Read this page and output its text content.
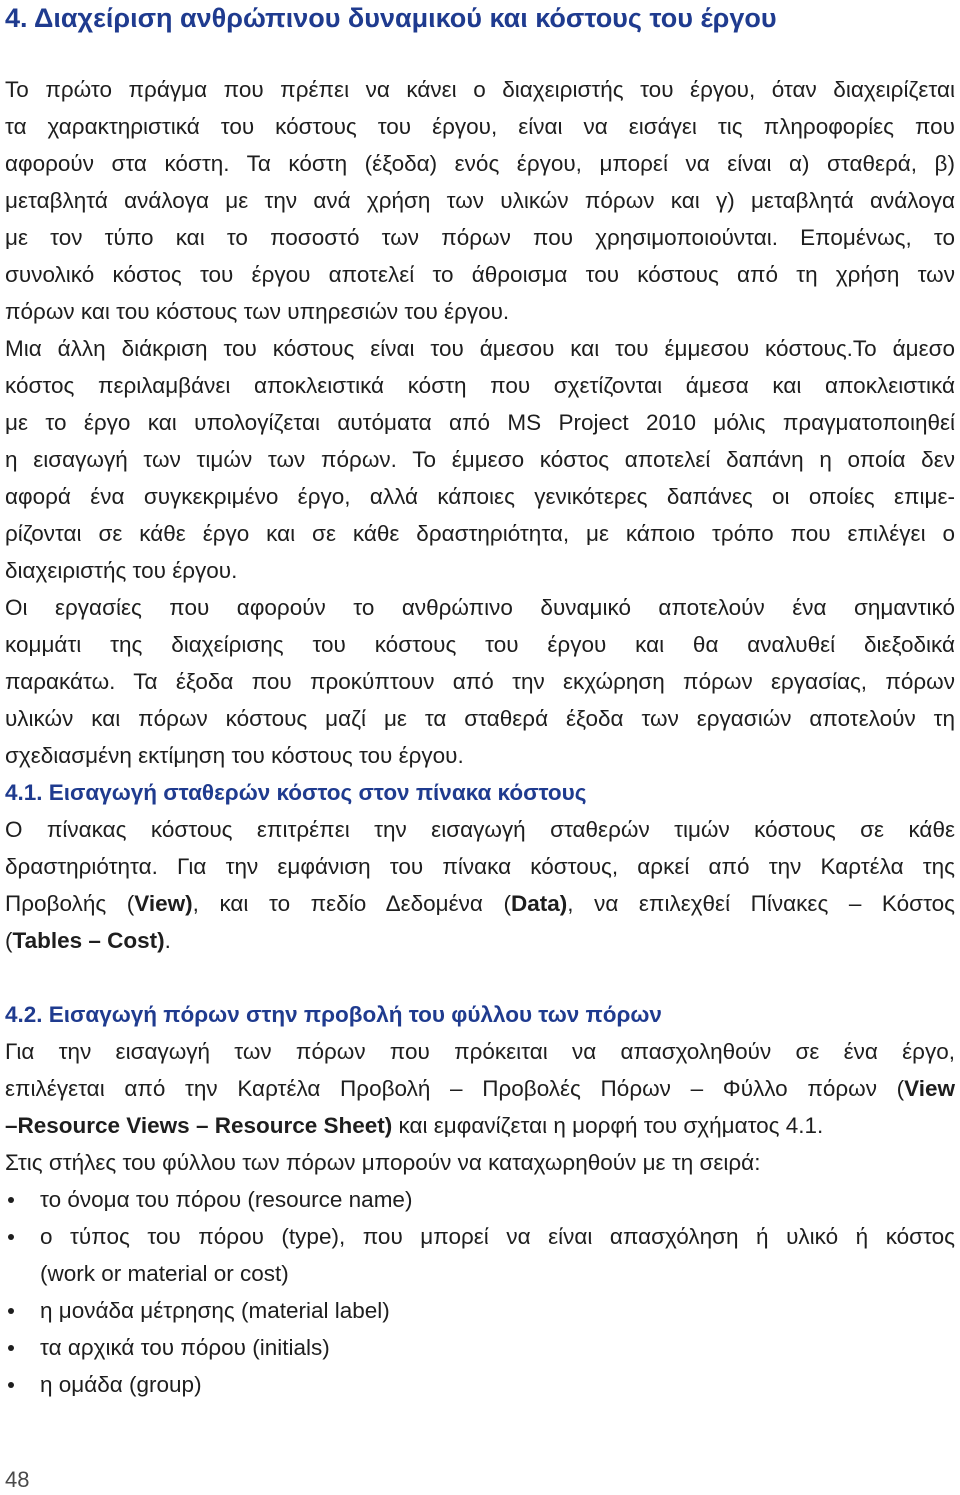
4. Διαχείριση ανθρώπινου δυναμικού και κόστους του έργου
Το πρώτο πράγμα που πρέπει να κάνει ο διαχειριστής του έργου, όταν διαχειρίζεται
τα χαρακτηριστικά του κόστους του έργου, είναι να εισάγει τις πληροφορίες που
αφορούν στα κόστη. Τα κόστη (έξοδα) ενός έργου, μπορεί να είναι α) σταθερά, β)
μεταβλητά ανάλογα με την ανά χρήση των υλικών πόρων και γ) μεταβλητά ανάλογα
με τον τύπο και το ποσοστό των πόρων που χρησιμοποιούνται. Επομένως, το
συνολικό κόστος του έργου αποτελεί το άθροισμα του κόστους από τη χρήση των
πόρων και του κόστους των υπηρεσιών του έργου.
Μια άλλη διάκριση του κόστους είναι του άμεσου και του έμμεσου κόστους.Το άμεσο
κόστος περιλαμβάνει αποκλειστικά κόστη που σχετίζονται άμεσα και αποκλειστικά
με το έργο και υπολογίζεται αυτόματα από MS Project 2010 μόλις πραγματοποιηθεί
η εισαγωγή των τιμών των πόρων. Το έμμεσο κόστος αποτελεί δαπάνη η οποία δεν
αφορά ένα συγκεκριμένο έργο, αλλά κάποιες γενικότερες δαπάνες οι οποίες επιμε-
ρίζονται σε κάθε έργο και σε κάθε δραστηριότητα, με κάποιο τρόπο που επιλέγει ο
διαχειριστής του έργου.
Οι εργασίες που αφορούν το ανθρώπινο δυναμικό αποτελούν ένα σημαντικό
κομμάτι της διαχείρισης του κόστους του έργου και θα αναλυθεί διεξοδικά
παρακάτω. Τα έξοδα που προκύπτουν από την εκχώρηση πόρων εργασίας, πόρων
υλικών και πόρων κόστους μαζί με τα σταθερά έξοδα των εργασιών αποτελούν τη
σχεδιασμένη εκτίμηση του κόστους του έργου.
4.1. Εισαγωγή σταθερών κόστος στον πίνακα κόστους
Ο πίνακας κόστους επιτρέπει την εισαγωγή σταθερών τιμών κόστους σε κάθε
δραστηριότητα. Για την εμφάνιση του πίνακα κόστους, αρκεί από την Καρτέλα της
Προβολής (View), και το πεδίο Δεδομένα (Data), να επιλεχθεί Πίνακες – Κόστος
(Tables – Cost).
4.2. Εισαγωγή πόρων στην προβολή του φύλλου των πόρων
Για την εισαγωγή των πόρων που πρόκειται να απασχοληθούν σε ένα έργο,
επιλέγεται από την Καρτέλα Προβολή – Προβολές Πόρων – Φύλλο πόρων (View
–Resource Views – Resource Sheet) και εμφανίζεται η μορφή του σχήματος 4.1.
Στις στήλες του φύλλου των πόρων μπορούν να καταχωρηθούν με τη σειρά:
το όνομα του πόρου (resource name)
ο τύπος του πόρου (type), που μπορεί να είναι απασχόληση ή υλικό ή κόστος
(work or material or cost)
η μονάδα μέτρησης (material label)
τα αρχικά του πόρου (initials)
η ομάδα (group)
48
